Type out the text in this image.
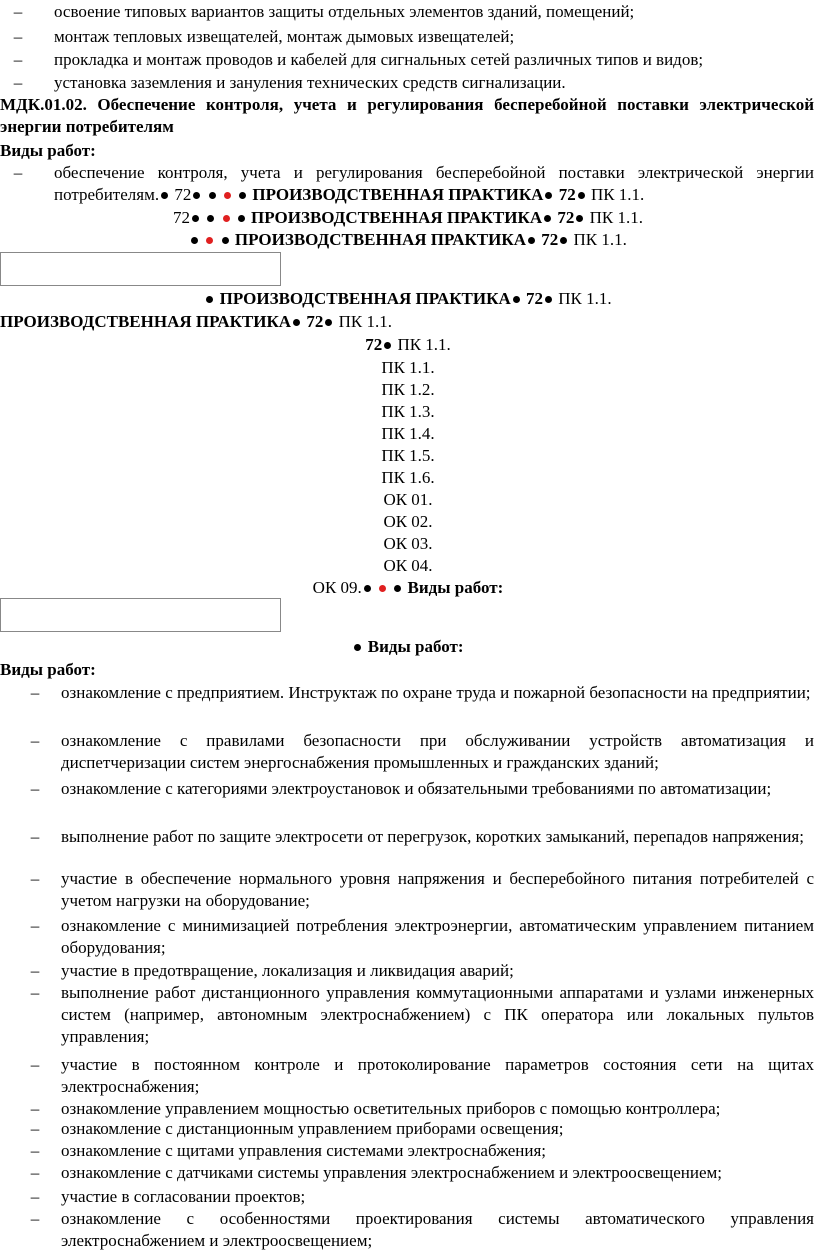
–	освоение типовых вариантов защиты отдельных элементов зданий, помещений;
–	монтаж тепловых извещателей, монтаж дымовых извещателей;
–	прокладка и монтаж проводов и кабелей для сигнальных сетей различных типов и видов;
–	установка заземления и зануления технических средств сигнализации.
МДК.01.02. Обеспечение контроля, учета и регулирования бесперебойной поставки электрической энергии потребителям
Виды работ:
–	обеспечение контроля, учета и регулирования бесперебойной поставки электрической энергии потребителям. 72	ПРОИЗВОДСТВЕННАЯ ПРАКТИКА 72 ПК 1.1.
72	ПРОИЗВОДСТВЕННАЯ ПРАКТИКА 72 ПК 1.1.
ПРОИЗВОДСТВЕННАЯ ПРАКТИКА 72 ПК 1.1.
ПРОИЗВОДСТВЕННАЯ ПРАКТИКА 72 ПК 1.1.
ПРОИЗВОДСТВЕННАЯ ПРАКТИКА 72 ПК 1.1.
72 ПК 1.1.
ПК 1.1.
ПК 1.2.
ПК 1.3.
ПК 1.4.
ПК 1.5.
ПК 1.6.
ОК 01.
ОК 02.
ОК 03.
ОК 04.
ОК 09.	Виды работ:
Виды работ:
Виды работ:
–	ознакомление с предприятием. Инструктаж по охране труда и пожарной безопасности на предприятии;
–	ознакомление с правилами безопасности при обслуживании устройств автоматизация и диспетчеризации систем энергоснабжения промышленных и гражданских зданий;
–	ознакомление с категориями электроустановок и обязательными требованиями по автоматизации;
–	выполнение работ по защите электросети от перегрузок, коротких замыканий, перепадов напряжения;
–	участие в обеспечение нормального уровня напряжения и бесперебойного питания потребителей с учетом нагрузки на оборудование;
–	ознакомление с минимизацией потребления электроэнергии, автоматическим управлением питанием оборудования;
–	участие в предотвращение, локализация и ликвидация аварий;
–	выполнение работ дистанционного управления коммутационными аппаратами и узлами инженерных систем (например, автономным электроснабжением) с ПК оператора или локальных пультов управления;
–	участие в постоянном контроле и протоколирование параметров состояния сети на щитах электроснабжения;
–	ознакомление управлением мощностью осветительных приборов с помощью контроллера;
–	ознакомление с дистанционным управлением приборами освещения;
–	ознакомление с щитами управления системами электроснабжения;
–	ознакомление с датчиками системы управления электроснабжением и электроосвещением;
–	участие в согласовании проектов;
–	ознакомление с особенностями проектирования системы автоматического управления электроснабжением и электроосвещением;
